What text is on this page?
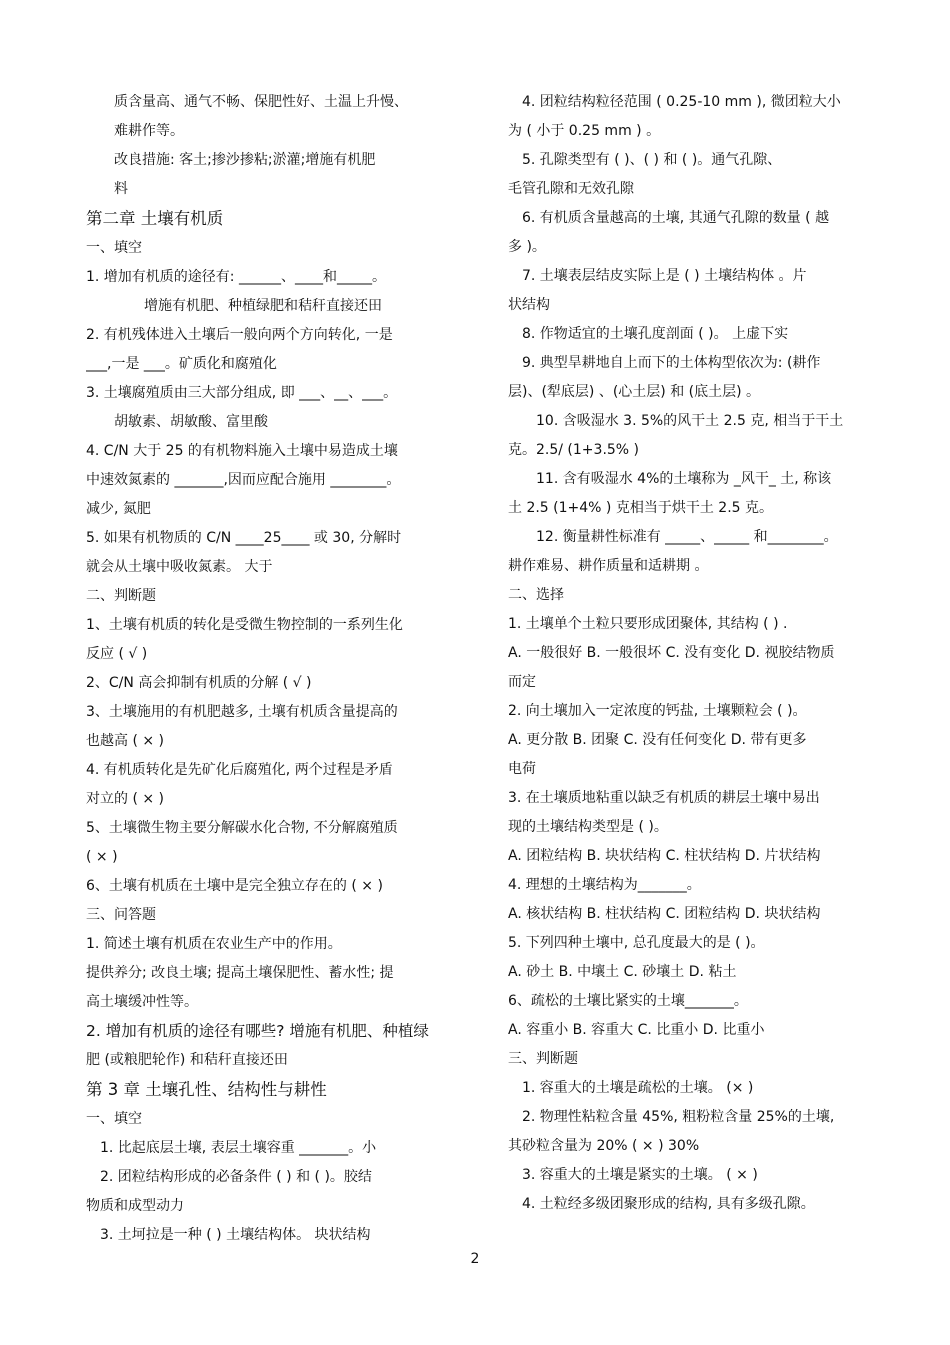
质含量高、通气不畅、保肥性好、土温上升慢、
难耕作等。
改良措施: 客土;掺沙掺粘;淤灌;增施有机肥
料
第二章 土壤有机质
一、填空
1. 增加有机质的途径有: ______、____和_____。
增施有机肥、种植绿肥和秸秆直接还田
2. 有机残体进入土壤后一般向两个方向转化, 一是
___,一是 ___。矿质化和腐殖化
3. 土壤腐殖质由三大部分组成, 即 ___、__、___。
胡敏素、胡敏酸、富里酸
4. C/N 大于 25 的有机物料施入土壤中易造成土壤
中速效氮素的 _______,因而应配合施用 ________。
减少, 氮肥
5. 如果有机物质的 C/N ____25____ 或 30, 分解时
就会从土壤中吸收氮素。 大于
二、判断题
1、土壤有机质的转化是受微生物控制的一系列生化
反应 ( √ )
2、C/N 高会抑制有机质的分解 ( √ )
3、土壤施用的有机肥越多, 土壤有机质含量提高的
也越高 ( × )
4. 有机质转化是先矿化后腐殖化, 两个过程是矛盾
对立的 ( × )
5、土壤微生物主要分解碳水化合物, 不分解腐殖质
( × )
6、土壤有机质在土壤中是完全独立存在的 ( × )
三、问答题
1. 简述土壤有机质在农业生产中的作用。
提供养分; 改良土壤; 提高土壤保肥性、蓄水性; 提
高土壤缓冲性等。
2. 增加有机质的途径有哪些? 增施有机肥、种植绿
肥 (或粮肥轮作) 和秸秆直接还田
第 3 章 土壤孔性、结构性与耕性
一、填空
1. 比起底层土壤, 表层土壤容重 _______。小
2. 团粒结构形成的必备条件 ( ) 和 ( )。胶结
物质和成型动力
3. 土坷拉是一种 ( ) 土壤结构体。 块状结构
4. 团粒结构粒径范围 ( 0.25-10 mm ), 微团粒大小
为 ( 小于 0.25 mm ) 。
5. 孔隙类型有 ( )、( ) 和 ( )。通气孔隙、
毛管孔隙和无效孔隙
6. 有机质含量越高的土壤, 其通气孔隙的数量 ( 越
多 )。
7. 土壤表层结皮实际上是 ( ) 土壤结构体 。片
状结构
8. 作物适宜的土壤孔度剖面 ( )。 上虚下实
9. 典型旱耕地自上而下的土体构型依次为: (耕作
层)、(犁底层) 、(心土层) 和 (底土层) 。
10. 含吸湿水 3. 5%的风干土 2.5 克, 相当于干土
克。2.5/ (1+3.5% )
11. 含有吸湿水 4%的土壤称为 _风干_ 土, 称该
土 2.5 (1+4% ) 克相当于烘干土 2.5 克。
12. 衡量耕性标准有 _____、_____ 和________。
耕作难易、耕作质量和适耕期 。
二、选择
1. 土壤单个土粒只要形成团聚体, 其结构 ( ) .
A. 一般很好 B. 一般很坏 C. 没有变化 D. 视胶结物质
而定
2. 向土壤加入一定浓度的钙盐, 土壤颗粒会 ( )。
A. 更分散 B. 团聚 C. 没有任何变化 D. 带有更多
电荷
3. 在土壤质地粘重以缺乏有机质的耕层土壤中易出
现的土壤结构类型是 ( )。
A. 团粒结构 B. 块状结构 C. 柱状结构 D. 片状结构
4. 理想的土壤结构为_______。
A. 核状结构 B. 柱状结构 C. 团粒结构 D. 块状结构
5. 下列四种土壤中, 总孔度最大的是 ( )。
A. 砂土 B. 中壤土 C. 砂壤土 D. 粘土
6、疏松的土壤比紧实的土壤_______。
A. 容重小 B. 容重大 C. 比重小 D. 比重小
三、判断题
1. 容重大的土壤是疏松的土壤。 (× )
2. 物理性粘粒含量 45%, 粗粉粒含量 25%的土壤,
其砂粒含量为 20% ( × ) 30%
3. 容重大的土壤是紧实的土壤。 ( × )
4. 土粒经多级团聚形成的结构, 具有多级孔隙。
2
